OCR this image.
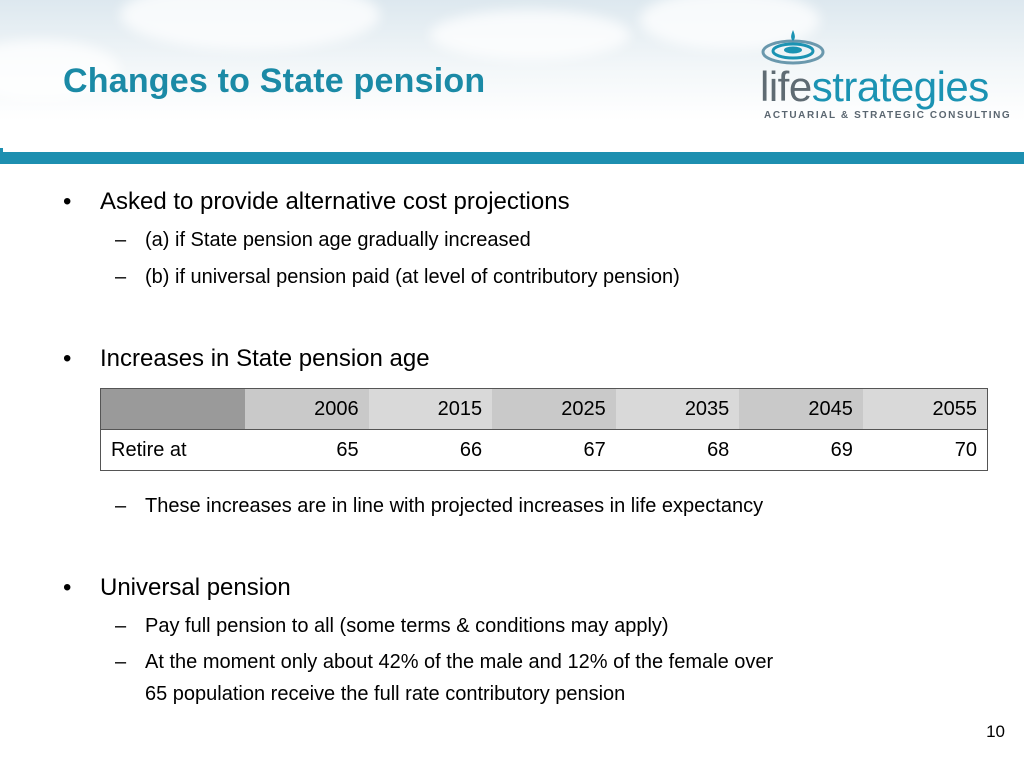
Changes to State pension	lifestrategies
ACTUARIAL & STRATEGIC CONSULTING
• Asked to provide alternative cost projections
– (a) if State pension age gradually increased
– (b) if universal pension paid (at level of contributory pension)
• Increases in State pension age
	2006	2015	2025	2035	2045	2055
Retire at	65	66	67	68	69	70
– These increases are in line with projected increases in life expectancy
• Universal pension
– Pay full pension to all (some terms & conditions may apply)
– At the moment only about 42% of the male and 12% of the female over
65 population receive the full rate contributory pension
10
